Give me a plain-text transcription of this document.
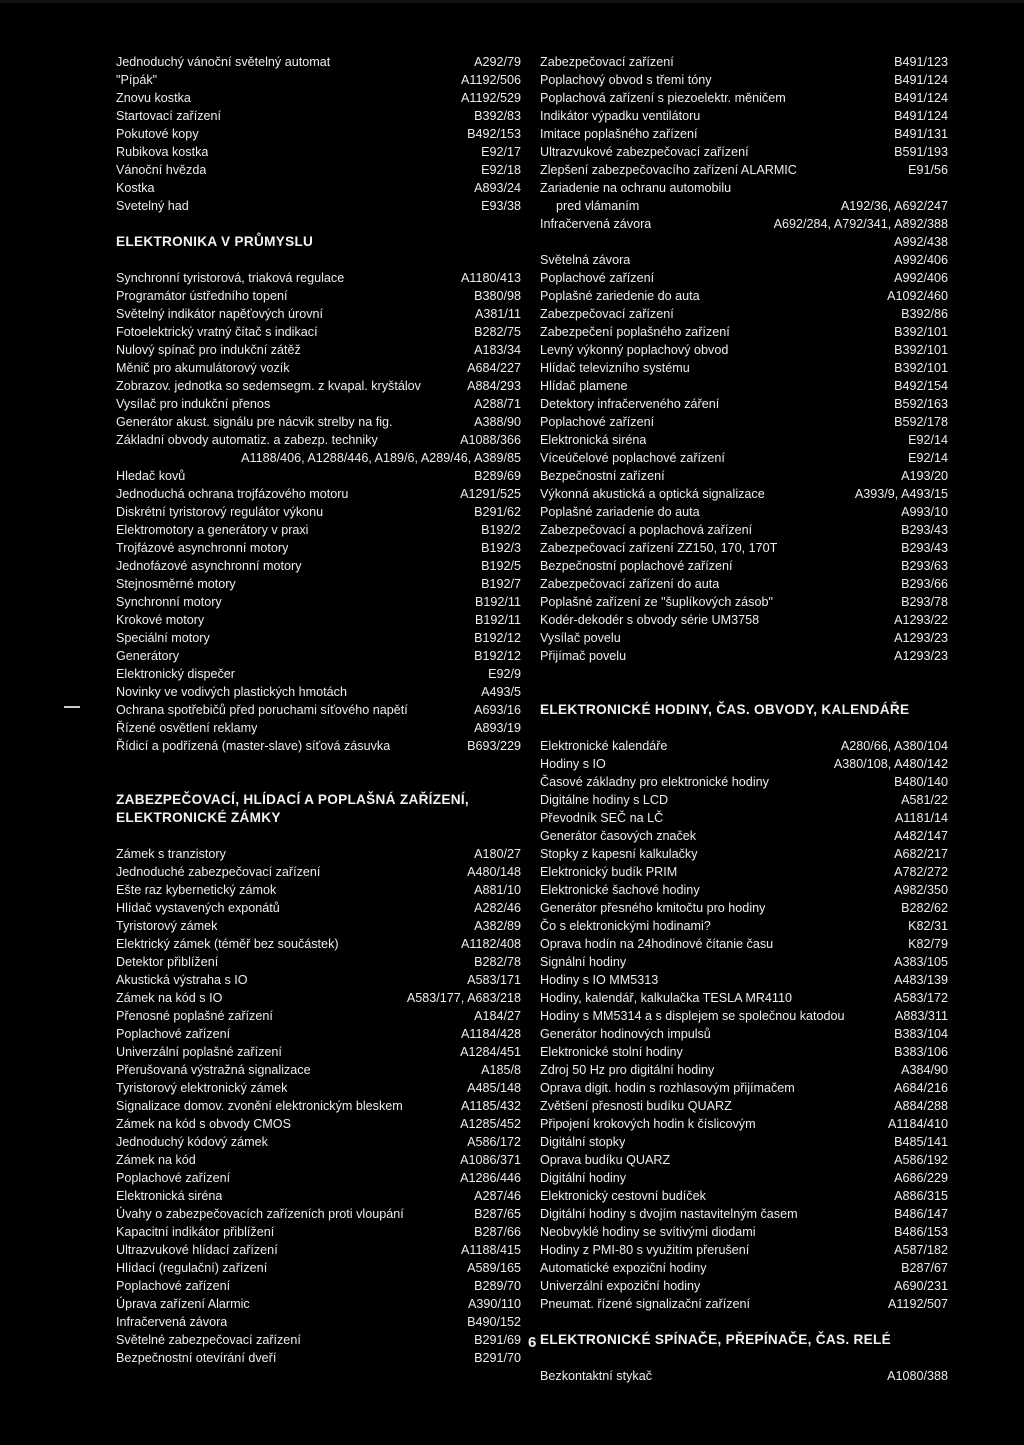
Jednoduchý vánoční světelný automat	A292/79
"Pípák"	A1192/506
Znovu kostka	A1192/529
Startovací zařízení	B392/83
Pokutové kopy	B492/153
Rubikova kostka	E92/17
Vánoční hvězda	E92/18
Kostka	A893/24
Svetelný had	E93/38
ELEKTRONIKA V PRŮMYSLU
Synchronní tyristorová, triaková regulace	A1180/413
Programátor ústředního topení	B380/98
Světelný indikátor napěťových úrovní	A381/11
Fotoelektrický vratný čítač s indikací	B282/75
Nulový spínač pro indukční zátěž	A183/34
Měnič pro akumulátorový vozík	A684/227
Zobrazov. jednotka so sedemsegm. z kvapal. kryštálov	A884/293
Vysílač pro indukční přenos	A288/71
Generátor akust. signálu pre nácvik strelby na fig.	A388/90
Základní obvody automatiz. a zabezp. techniky	A1088/366
A1188/406, A1288/446, A189/6, A289/46, A389/85
Hledač kovů	B289/69
Jednoduchá ochrana trojfázového motoru	A1291/525
Diskrétní tyristorový regulátor výkonu	B291/62
Elektromotory a generátory v praxi	B192/2
Trojfázové asynchronní motory	B192/3
Jednofázové asynchronní motory	B192/5
Stejnosměrné motory	B192/7
Synchronní motory	B192/11
Krokové motory	B192/11
Speciální motory	B192/12
Generátory	B192/12
Elektronický dispečer	E92/9
Novinky ve vodivých plastických hmotách	A493/5
Ochrana spotřebičů před poruchami síťového napětí	A693/16
Řízené osvětlení reklamy	A893/19
Řídicí a podřízená (master-slave) síťová zásuvka	B693/229
ZABEZPEČOVACÍ, HLÍDACÍ A POPLAŠNÁ ZAŘÍZENÍ,
ELEKTRONICKÉ ZÁMKY
Zámek s tranzistory	A180/27
Jednoduché zabezpečovací zařízení	A480/148
Ešte raz kybernetický zámok	A881/10
Hlídač vystavených exponátů	A282/46
Tyristorový zámek	A382/89
Elektrický zámek (téměř bez součástek)	A1182/408
Detektor přiblížení	B282/78
Akustická výstraha s IO	A583/171
Zámek na kód s IO	A583/177, A683/218
Přenosné poplašné zařízení	A184/27
Poplachové zařízení	A1184/428
Univerzální poplašné zařízení	A1284/451
Přerušovaná výstražná signalizace	A185/8
Tyristorový elektronický zámek	A485/148
Signalizace domov. zvonění elektronickým bleskem	A1185/432
Zámek na kód s obvody CMOS	A1285/452
Jednoduchý kódový zámek	A586/172
Zámek na kód	A1086/371
Poplachové zařízení	A1286/446
Elektronická siréna	A287/46
Úvahy o zabezpečovacích zařízeních proti vloupání	B287/65
Kapacitní indikátor přiblížení	B287/66
Ultrazvukové hlídací zařízení	A1188/415
Hlídací (regulační) zařízení	A589/165
Poplachové zařízení	B289/70
Úprava zařízení Alarmic	A390/110
Infračervená závora	B490/152
Světelné zabezpečovací zařízení	B291/69
Bezpečnostní otevírání dveří	B291/70
Zabezpečovací zařízení	B491/123
Poplachový obvod s třemi tóny	B491/124
Poplachová zařízení s piezoelektr. měničem	B491/124
Indikátor výpadku ventilátoru	B491/124
Imitace poplašného zařízení	B491/131
Ultrazvukové zabezpečovací zařízení	B591/193
Zlepšení zabezpečovacího zařízení ALARMIC	E91/56
Zariadenie na ochranu automobilu
pred vlámaním	A192/36, A692/247
Infračervená závora	A692/284, A792/341, A892/388
A992/438
Světelná závora	A992/406
Poplachové zařízení	A992/406
Poplašné zariedenie do auta	A1092/460
Zabezpečovací zařízení	B392/86
Zabezpečení poplašného zařízení	B392/101
Levný výkonný poplachový obvod	B392/101
Hlídač televizního systému	B392/101
Hlídač plamene	B492/154
Detektory infračerveného záření	B592/163
Poplachové zařízení	B592/178
Elektronická siréna	E92/14
Víceúčelové poplachové zařízení	E92/14
Bezpečnostní zařízení	A193/20
Výkonná akustická a optická signalizace	A393/9, A493/15
Poplašné zariadenie do auta	A993/10
Zabezpečovací a poplachová zařízení	B293/43
Zabezpečovací zařízení ZZ150, 170, 170T	B293/43
Bezpečnostní poplachové zařízení	B293/63
Zabezpečovací zařízení do auta	B293/66
Poplašné zařízení ze "šuplíkových zásob"	B293/78
Kodér-dekodér s obvody série UM3758	A1293/22
Vysílač povelu	A1293/23
Přijímač povelu	A1293/23
ELEKTRONICKÉ HODINY, ČAS. OBVODY, KALENDÁŘE
Elektronické kalendáře	A280/66, A380/104
Hodiny s IO	A380/108, A480/142
Časové základny pro elektronické hodiny	B480/140
Digitálne hodiny s LCD	A581/22
Převodník SEČ na LČ	A1181/14
Generátor časových značek	A482/147
Stopky z kapesní kalkulačky	A682/217
Elektronický budík PRIM	A782/272
Elektronické šachové hodiny	A982/350
Generátor přesného kmitočtu pro hodiny	B282/62
Čo s elektronickými hodinami?	K82/31
Oprava hodín na 24hodinové čítanie času	K82/79
Signální hodiny	A383/105
Hodiny s IO MM5313	A483/139
Hodiny, kalendář, kalkulačka TESLA MR4110	A583/172
Hodiny s MM5314 a s displejem se společnou katodou	A883/311
Generátor hodinových impulsů	B383/104
Elektronické stolní hodiny	B383/106
Zdroj 50 Hz pro digitální hodiny	A384/90
Oprava digit. hodin s rozhlasovým přijímačem	A684/216
Zvětšení přesnosti budíku QUARZ	A884/288
Připojení krokových hodin k číslicovým	A1184/410
Digitální stopky	B485/141
Oprava budíku QUARZ	A586/192
Digitální hodiny	A686/229
Elektronický cestovní budíček	A886/315
Digitální hodiny s dvojím nastavitelným časem	B486/147
Neobvyklé hodiny se svítivými diodami	B486/153
Hodiny z PMI-80 s využitím přerušení	A587/182
Automatické expoziční hodiny	B287/67
Univerzální expoziční hodiny	A690/231
Pneumat. řízené signalizační zařízení	A1192/507
ELEKTRONICKÉ SPÍNAČE, PŘEPÍNAČE, ČAS. RELÉ
Bezkontaktní stykač	A1080/388
6
